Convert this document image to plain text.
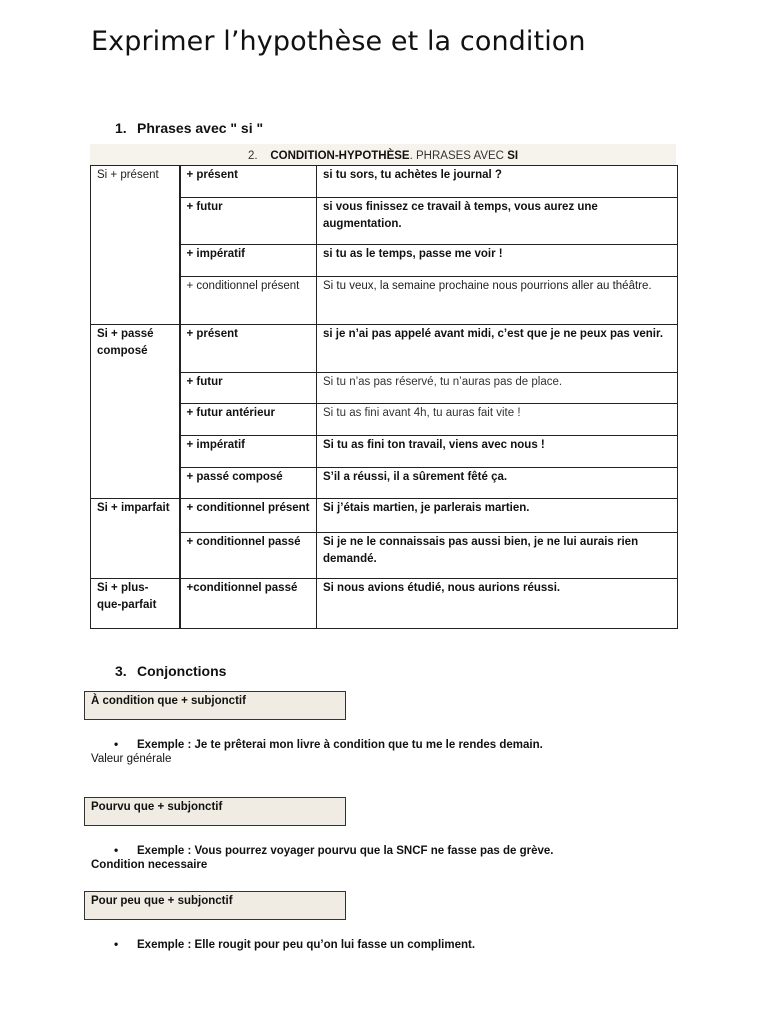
Exprimer l’hypothèse et la condition
1. Phrases avec " si "
2. CONDITION-HYPOTHÈSE. PHRASES AVEC SI
Si + présent	+ présent	si tu sors, tu achètes le journal ?
	+ futur	si vous finissez ce travail à temps, vous aurez une augmentation.
	+ impératif	si tu as le temps, passe me voir !
	+ conditionnel présent	Si tu veux, la semaine prochaine nous pourrions aller au théâtre.
Si + passé composé	+ présent	si je n’ai pas appelé avant midi, c’est que je ne peux pas venir.
	+ futur	Si tu n’as pas réservé, tu n’auras pas de place.
	+ futur antérieur	Si tu as fini avant 4h, tu auras fait vite !
	+ impératif	Si tu as fini ton travail, viens avec nous !
	+ passé composé	S’il a réussi, il a sûrement fêté ça.
Si + imparfait	+ conditionnel présent	Si j’étais martien, je parlerais martien.
	+ conditionnel passé	Si je ne le connaissais pas aussi bien, je ne lui aurais rien demandé.
Si + plus-que-parfait	+conditionnel passé	Si nous avions étudié, nous aurions réussi.
3. Conjonctions
À condition que + subjonctif
• Exemple : Je te prêterai mon livre à condition que tu me le rendes demain.
Valeur générale
Pourvu que + subjonctif
• Exemple : Vous pourrez voyager pourvu que la SNCF ne fasse pas de grève.
Condition necessaire
Pour peu que + subjonctif
• Exemple : Elle rougit pour peu qu’on lui fasse un compliment.
